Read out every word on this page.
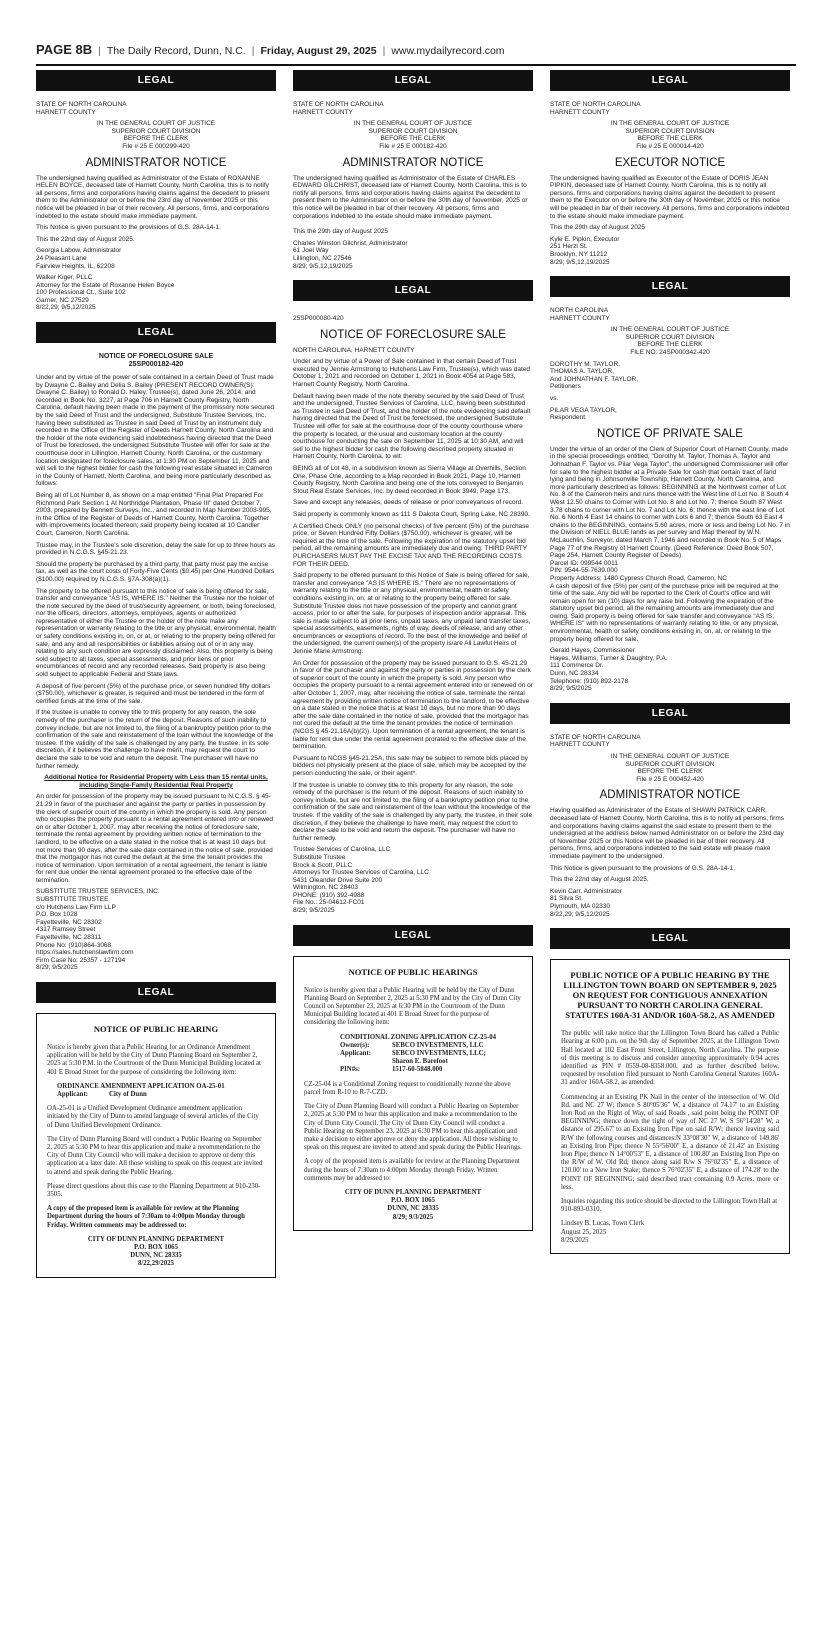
PAGE 8B | The Daily Record, Dunn, N.C. | Friday, August 29, 2025 | www.mydailyrecord.com
LEGAL

STATE OF NORTH CAROLINA

HARNETT COUNTY

IN THE GENERAL COURT OF JUSTICE

SUPERIOR COURT DIVISION

BEFORE THE CLERK

File # 25 E 000299-420

ADMINISTRATOR NOTICE

The undersigned having qualified as Administrator of the Estate of ROXANNE HELEN BOYCE, deceased late of Harnett County, North Carolina, this is to notify all persons, firms and corporations having claims against the decedent to present them to the Administrator on or before the 23rd day of November 2025 or this notice will be pleaded in bar of their recovery. All persons, firms, and corporations indebted to the estate should make immediate payment.

This Notice is given pursuant to the provisions of G.S. 28A-14-1.

This the 22nd day of August 2025.

Georgia Labow, Administrator

24 Pleasant Lane

Fairview Heights, IL, 62208

Walker Kiger, PLLC

Attorney for the Estate of Roxanne Helen Boyce

100 Professional Ct., Suite 102

Garner, NC 27529

8/22,29; 9/5,12/2025

LEGAL
NOTICE OF FORECLOSURE SALE
25SP000182-420

Under and by virtue of the power of sale contained in a certain Deed of Trust made by Dwayne C. Bailey and Delia S. Bailey (PRESENT RECORD OWNER(S): Dwayne C. Bailey) to Ronald D. Haley, Trustee(s), dated June 26, 2014, and recorded in Book No. 3227, at Page 706 in Harnett County Registry, North Carolina, default having been made in the payment of the promissory note secured by the said Deed of Trust and the undersigned, Substitute Trustee Services, Inc. having been substituted as Trustee in said Deed of Trust by an instrument duly recorded in the Office of the Register of Deeds Harnett County, North Carolina and the holder of the note evidencing said indebtedness having directed that the Deed of Trust be foreclosed, the undersigned Substitute Trustee will offer for sale at the courthouse door in Lillington, Harnett County, North Carolina, or the customary location designated for foreclosure sales, at 1:30 PM on September 11, 2025 and will sell to the highest bidder for cash the following real estate situated in Cameron in the County of Harnett, North Carolina, and being more particularly described as follows:

Being all of Lot Number 8, as shown on a map entitled "Final Plat Prepared For Richmond Park Section 1 At Northridge Plantation, Phase III" dated October 7, 2003, prepared by Bennett Surveys, Inc., and recorded in Map Number 2003-995, in the Office of the Register of Deeds of Harnett County, North Carolina. Together with improvements located thereon; said property being located at 10 Candler Court, Cameron, North Carolina.

Trustee may, in the Trustee's sole discretion, delay the sale for up to three hours as provided in N.C.G.S. §45-21.23.

Should the property be purchased by a third party, that party must pay the excise tax, as well as the court costs of Forty-Five Cents ($0.45) per One Hundred Dollars ($100.00) required by N.C.G.S. §7A-308(a)(1).

The property to be offered pursuant to this notice of sale is being offered for sale, transfer and conveyance "AS IS, WHERE IS." Neither the Trustee nor the holder of the note secured by the deed of trust/security agreement, or both, being foreclosed, nor the officers, directors, attorneys, employees, agents or authorized representative of either the Trustee or the holder of the note make any representation or warranty relating to the title or any physical, environmental, health or safety conditions existing in, on, or at, or relating to the property being offered for sale, and any and all responsibilities or liabilities arising out of or in any way relating to any such condition are expressly disclaimed. Also, this property is being sold subject to all taxes, special assessments, and prior liens or prior encumbrances of record and any recorded releases. Said property is also being sold subject to applicable Federal and State laws.

A deposit of five percent (5%) of the purchase price, or seven hundred fifty dollars ($750.00), whichever is greater, is required and must be tendered in the form of certified funds at the time of the sale.

If the trustee is unable to convey title to this property for any reason, the sole remedy of the purchaser is the return of the deposit. Reasons of such inability to convey include, but are not limited to, the filing of a bankruptcy petition prior to the confirmation of the sale and reinstatement of the loan without the knowledge of the trustee. If the validity of the sale is challenged by any party, the trustee, in its sole discretion, if it believes the challenge to have merit, may request the court to declare the sale to be void and return the deposit. The purchaser will have no further remedy.

Additional Notice for Residential Property with Less than 15 rental units, including Single-Family Residential Real Property

An order for possession of the property may be issued pursuant to N.C.G.S. § 45-21.29 in favor of the purchaser and against the party or parties in possession by the clerk of superior court of the county in which the property is sold. Any person who occupies the property pursuant to a rental agreement entered into or renewed on or after October 1, 2007, may after receiving the notice of foreclosure sale, terminate the rental agreement by providing written notice of termination to the landlord, to be effective on a date stated in the notice that is at least 10 days but not more than 90 days, after the sale date contained in the notice of sale, provided that the mortgagor has not cured the default at the time the tenant provides the notice of termination. Upon termination of a rental agreement, the tenant is liable for rent due under the rental agreement prorated to the effective date of the termination.

SUBSTITUTE TRUSTEE SERVICES, INC.

SUBSTITUTE TRUSTEE

c/o Hutchens Law Firm LLP

P.O. Box 1028

Fayetteville, NC 28302

4317 Ramsey Street

Fayetteville, NC 28311

Phone No: (910)864-3068

https://sales.hutchenslawfirm.com

Firm Case No: 25357 - 127194

8/29; 9/5/2025

LEGAL
NOTICE OF PUBLIC HEARING

Notice is hereby given that a Public Hearing for an Ordinance Amendment application will be held by the City of Dunn Planning Board on September 2, 2025 at 5:30 P.M. in the Courtroom of the Dunn Municipal Building located at 401 E Broad Street for the purpose of considering the following item:

ORDINANCE AMENDMENT APPLICATION OA-25-01

Applicant:	City of Dunn

OA-25-01 is a Unified Development Ordinance amendment application initiated by the City of Dunn to amend language of several articles of the City of Dunn Unified Development Ordinance.

The City of Dunn Planning Board will conduct a Public Hearing on September 2, 2025 at 5:30 PM to hear this application and make a recommendation to the City of Dunn City Council who will make a decision to approve or deny this application at a later date. All those wishing to speak on this request are invited to attend and speak during the Public Hearing.

Please direct questions about this case to the Planning Department at 910-230-3505.

A copy of the proposed item is available for review at the Planning Department during the hours of 7:30am to 4:00pm Monday through Friday. Written comments may be addressed to:

CITY OF DUNN PLANNING DEPARTMENT

P.O. BOX 1065

DUNN, NC 28335

8/22,29/2025

LEGAL

STATE OF NORTH CAROLINA

HARNETT COUNTY

IN THE GENERAL COURT OF JUSTICE

SUPERIOR COURT DIVISION

BEFORE THE CLERK

File # 25 E 000182-420

ADMINISTRATOR NOTICE

The undersigned having qualified as Administrator of the Estate of CHARLES EDWARD GILCHRIST, deceased late of Harnett County, North Carolina, this is to notify all persons, firms and corporations having claims against the decedent to present them to the Administrator on or before the 30th day of November, 2025 or this notice will be pleaded in bar of their recovery. All persons, firms and corporations indebted to the estate should make immediate payment.

This the 29th day of August 2025

Charles Winston Gilchrist, Administrator

61 Joel Way

Lillington, NC 27546

8/29; 9/5,12,19/2025

LEGAL

25SP000080-420

NOTICE OF FORECLOSURE SALE

NORTH CAROLINA, HARNETT COUNTY

Under and by virtue of a Power of Sale contained in that certain Deed of Trust executed by Jennie Armstrong to Hutchens Law Firm, Trustee(s), which was dated October 1, 2021 and recorded on October 1, 2021 in Book 4054 at Page 583, Harnett County Registry, North Carolina.

Default having been made of the note thereby secured by the said Deed of Trust and the undersigned, Trustee Services of Carolina, LLC, having been substituted as Trustee in said Deed of Trust, and the holder of the note evidencing said default having directed that the Deed of Trust be foreclosed, the undersigned Substitute Trustee will offer for sale at the courthouse door of the county courthouse where the property is located, or the usual and customary location at the county courthouse for conducting the sale on September 11, 2025 at 10:30 AM, and will sell to the highest bidder for cash the following described property situated in Harnett County, North Carolina, to wit:

BEING all of Lot 48, in a subdivision known as Sierra Village at Overhills, Section One, Phase One, according to a Map recorded in Book 2021, Page 10, Harnett County Registry, North Carolina and being one of the lots conveyed to Benjamin Stout Real Estate Services, Inc. by deed recorded in Book 3949, Page 173.

Save and except any releases, deeds of release or prior conveyances of record.

Said property is commonly known as 111 S Dakota Court, Spring Lake, NC 28390.

A Certified Check ONLY (no personal checks) of five percent (5%) of the purchase price, or Seven Hundred Fifty Dollars ($750.00), whichever is greater, will be required at the time of the sale. Following the expiration of the statutory upset bid period, all the remaining amounts are immediately due and owing. THIRD PARTY PURCHASERS MUST PAY THE EXCISE TAX AND THE RECORDING COSTS FOR THEIR DEED.

Said property to be offered pursuant to this Notice of Sale is being offered for sale, transfer and conveyance "AS IS WHERE IS." There are no representations of warranty relating to the title or any physical, environmental, health or safety conditions existing in, on, at or relating to the property being offered for sale. Substitute Trustee does not have possession of the property and cannot grant access, prior to or after the sale, for purposes of inspection and/or appraisal. This sale is made subject to all prior liens, unpaid taxes, any unpaid land transfer taxes, special assessments, easements, rights of way, deeds of release, and any other encumbrances or exceptions of record. To the best of the knowledge and belief of the undersigned, the current owner(s) of the property is/are All Lawful Heirs of Jennie Marie Armstrong.

An Order for possession of the property may be issued pursuant to G.S. 45-21.29 in favor of the purchaser and against the party or parties in possession by the clerk of superior court of the county in which the property is sold. Any person who occupies the property pursuant to a rental agreement entered into or renewed on or after October 1, 2007, may, after receiving the notice of sale, terminate the rental agreement by providing written notice of termination to the landlord, to be effective on a date stated in the notice that is at least 10 days, but no more than 90 days after the sale date contained in the notice of sale, provided that the mortgagor has not cured the default at the time the tenant provides the notice of termination (NCGS § 45-21.16A(b)(2)). Upon termination of a rental agreement, the tenant is liable for rent due under the rental agreement prorated to the effective date of the termination.

Pursuant to NCGS §45-21.25A, this sale may be subject to remote bids placed by bidders not physically present at the place of sale, which may be accepted by the person conducting the sale, or their agent*.

If the trustee is unable to convey title to this property for any reason, the sole remedy of the purchaser is the return of the deposit. Reasons of such inability to convey include, but are not limited to, the filing of a bankruptcy petition prior to the confirmation of the sale and reinstatement of the loan without the knowledge of the trustee. If the validity of the sale is challenged by any party, the trustee, in their sole discretion, if they believe the challenge to have merit, may request the court to declare the sale to be void and return the deposit. The purchaser will have no further remedy.

Trustee Services of Carolina, LLC

Substitute Trustee

Brock & Scott, PLLC

Attorneys for Trustee Services of Carolina, LLC

5431 Oleander Drive Suite 200

Wilmington, NC 28403

PHONE: (910) 392-4988

File No.: 25-04612-FC01

8/29; 9/5/2025

LEGAL
NOTICE OF PUBLIC HEARINGS

Notice is hereby given that a Public Hearing will be held by the City of Dunn Planning Board on September 2, 2025 at 5:30 PM and by the City of Dunn City Council on September 23, 2025 at 6:30 PM in the Courtroom of the Dunn Municipal Building located at 401 E Broad Street for the purpose of considering the following item:

CONDITIONAL ZONING APPLICATION CZ-25-04

Owner(s):	SEBCO INVESTMENTS, LLC
Applicant:	SEBCO INVESTMENTS, LLC;
Sharon E. Barefoot
PIN#s:	1517-60-5848.000

CZ-25-04 is a Conditional Zoning request to conditionally rezone the above parcel from R-10 to R-7-CZD.

The City of Dunn Planning Board will conduct a Public Hearing on September 2, 2025 at 5:30 PM to hear this application and make a recommendation to the City of Dunn City Council. The City of Dunn City Council will conduct a Public Hearing on September 23, 2025 at 6:30 PM to hear this application and make a decision to either approve or deny the application. All those wishing to speak on this request are invited to attend and speak during the Public Hearings.

A copy of the proposed item is available for review at the Planning Department during the hours of 7:30am to 4:00pm Monday through Friday. Written comments may be addressed to:

CITY OF DUNN PLANNING DEPARTMENT

P.O. BOX 1065

DUNN, NC 28335

8/29; 9/3/2025

LEGAL

STATE OF NORTH CAROLINA

HARNETT COUNTY

IN THE GENERAL COURT OF JUSTICE

SUPERIOR COURT DIVISION

BEFORE THE CLERK

File # 25 E 000014-420

EXECUTOR NOTICE

The undersigned having qualified as Executor of the Estate of DORIS JEAN PIPKIN, deceased late of Harnett County, North Carolina, this is to notify all persons, firms and corporations having claims against the decedent to present them to the Executor on or before the 30th day of November, 2025 or this notice will be pleaded in bar of their recovery. All persons, firms and corporations indebted to the estate should make immediate payment.

This the 29th day of August 2025

Kyle E. Pipkin, Executor

251 Herzl St.

Brooklyn, NY 11212

8/29; 9/5,12,19/2025

LEGAL

NORTH CAROLINA

HARNETT COUNTY

IN THE GENERAL COURT OF JUSTICE

SUPERIOR COURT DIVISION

BEFORE THE CLERK

FILE NO: 24SP000342-420

DOROTHY M. TAYLOR,

THOMAS A. TAYLOR,

And JOHNATHAN F. TAYLOR,

Petitioners

vs.

PILAR VEGA TAYLOR,

Respondent

NOTICE OF PRIVATE SALE

Under the virtue of an order of the Clerk of Superior Court of Harnett County, made in the special proceedings entitled, "Dorothy M. Taylor, Thomas A. Taylor and Johnathan F. Taylor vs. Pilar Vega Taylor", the undersigned Commissioner will offer for sale to the highest bidder at a Private Sale for cash that certain tract of land lying and being in Johnsonville Township, Harnett County, North Carolina, and more particularly described as follows: BEGINNING at the Northwest corner of Lot No. 8 of the Cameron heirs and runs thence with the West line of Lot No. 8 South 4 West 12.50 chains to Corner with Lot No. 8 and Lot No. 7; thence South 87 West 3.78 chains to corner with Lot No. 7 and Lot No. 6; thence with the east line of Lot No. 6 North 4 East 14 chains to corner with Lots 6 and 7; thence South 63 East 4 chains to the BEGINNING, contains 5.60 acres, more or less and being Lot No. 7 in the Division of NIELL BLUE lands as per survey and Map thereof by W.N. McLauchlin, Surveyor, dated March 7, 1946 and recorded in Book No. 5 of Maps Page 77 of the Registry of Harnett County. (Deed Reference: Deed Book 507, Page 254, Harnett County Register of Deeds)

Parcel ID: 099544 0011

PIN: 9544-55-7639.000

Property Address: 1480 Cypress Church Road, Cameron, NC

A cash deposit of five (5%) per cent of the purchase price will be required at the time of the sale. Any bid will be reported to the Clerk of Court's office and will remain open for ten (10) days for any raise bid. Following the expiration of the statutory upset bid period, all the remaining amounts are immediately due and owing. Said property is being offered for sale transfer and conveyance "AS IS, WHERE IS" with no representations of warranty relating to title, or any physical, environmental, health or safety conditions existing in, on, at, or relating to the property being offered for sale.

Gerald Hayes, Commissioner

Hayes, Williams, Turner & Daughtry, P.A.

111 Commerce Dr.

Dunn, NC 28334

Telephone: (910) 892-2178

8/29; 9/5/2025

LEGAL

STATE OF NORTH CAROLINA

HARNETT COUNTY

IN THE GENERAL COURT OF JUSTICE

SUPERIOR COURT DIVISION

BEFORE THE CLERK

File # 25 E 000452-420

ADMINISTRATOR NOTICE

Having qualified as Administrator of the Estate of SHAWN PATRICK CARR, deceased late of Harnett County, North Carolina, this is to notify all persons, firms and corporations having claims against the said estate to present them to the undersigned at the address below named Administrator on or before the 23rd day of November 2025 or this Notice will be pleaded in bar of their recovery. All persons, firms, and corporations indebted to the said estate will please make immediate payment to the undersigned.

This Notice is given pursuant to the provisions of G.S. 28A-14-1.

This the 22nd day of August 2025.

Kevin Carr, Administrator

81 Silva St.

Plymouth, MA 02330

8/22,29; 9/5,12/2025

LEGAL
PUBLIC NOTICE OF A PUBLIC HEARING BY THE LILLINGTON TOWN BOARD ON SEPTEMBER 9, 2025 ON REQUEST FOR CONTIGUOUS ANNEXATION PURSUANT TO NORTH CAROLINA GENERAL STATUTES 160A-31 AND/OR 160A-58.2, AS AMENDED

The public will take notice that the Lillington Town Board has called a Public Hearing at 6:00 p.m. on the 9th day of September 2025, at the Lillington Town Hall located at 102 East Front Street, Lillington, North Carolina. The purpose of this meeting is to discuss and consider annexing approximately 0.94 acres identified as PIN # 0559-08-8358.000, and as further described below, requested by resolution filed pursuant to North Carolina General Statutes 160A-31 and/or 160A-58.2, as amended:

Commencing at an Existing PK Nail in the center of the intersection of W. Old Rd. and NC 27 W; thence S 80°05'36" W, a distance of 74.17' to an Existing Iron Rod on the Right of Way, of said Roads , said point being the POINT OF BEGINNING; thence down the right of way of NC 27 W, S 56°14'28" W, a distance of 295.67' to an Existing Iron Pipe on said R/W; thence leaving said R/W the following courses and distances:N 33°08'30" W, a distance of 149.86' an Existing Iron Pipe; thence N 55°56'00" E, a distance of 21.42' an Existing Iron Pipe; thence N 14°00'53" E, a distance of 100.80' an Existing Iron Pipe on the R/W of W. Old Rd; thence along said R/w S 76°02'35" E, a distance of 120.00' to a New Iron Stake; thence S 76°02'35" E, a distance of 174.28' to the POINT OF BEGINNING; said described tract containing 0.9 Acres, more or less.

Inquiries regarding this notice should be directed to the Lillington Town Hall at 910-893-0310.

Lindsey B. Lucas, Town Clerk

August 25, 2025

8/29/2025
